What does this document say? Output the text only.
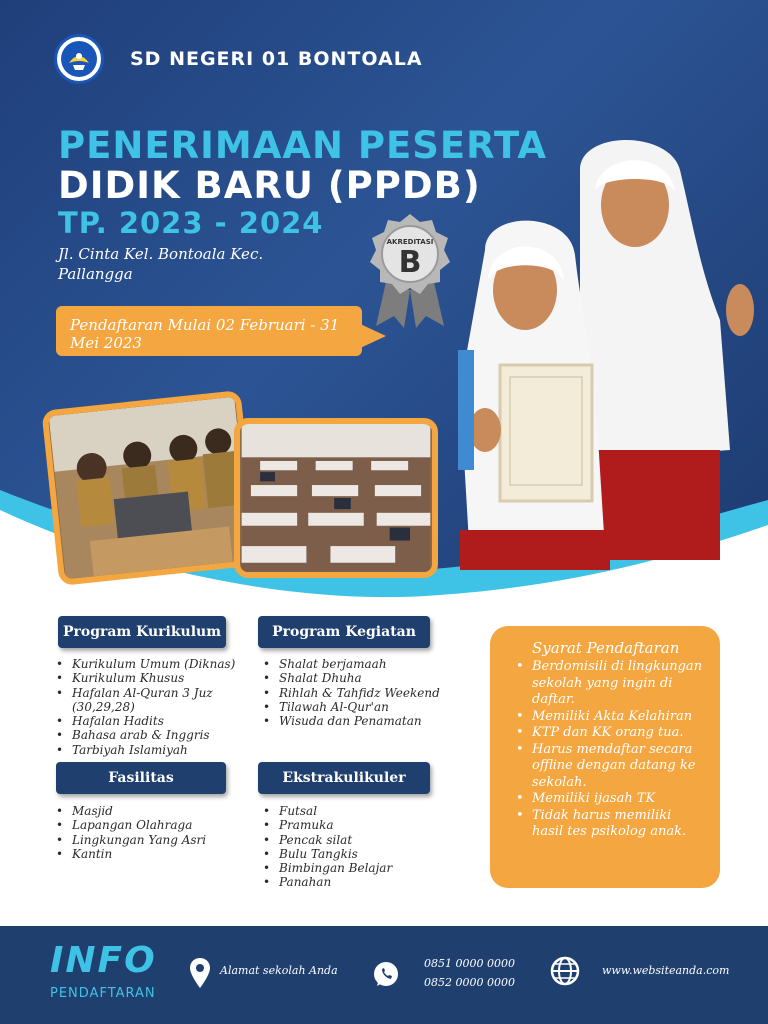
SD NEGERI 01 BONTOALA
PENERIMAAN PESERTA
DIDIK BARU (PPDB)
TP. 2023 - 2024
Jl. Cinta Kel. Bontoala Kec. Pallangga
AKREDITASI
B
Pendaftaran Mulai 02 Februari - 31 Mei 2023
Program Kurikulum
• Kurikulum Umum (Diknas)
• Kurikulum Khusus
• Hafalan Al-Quran 3 Juz (30,29,28)
• Hafalan Hadits
• Bahasa arab & Inggris
• Tarbiyah Islamiyah
Program Kegiatan
• Shalat berjamaah
• Shalat Dhuha
• Rihlah & Tahfidz Weekend
• Tilawah Al-Qur'an
• Wisuda dan Penamatan
Fasilitas
• Masjid
• Lapangan Olahraga
• Lingkungan Yang Asri
• Kantin
Ekstrakulikuler
• Futsal
• Pramuka
• Pencak silat
• Bulu Tangkis
• Bimbingan Belajar
• Panahan
Syarat Pendaftaran
• Berdomisili di lingkungan sekolah yang ingin di daftar.
• Memiliki Akta Kelahiran
• KTP dan KK orang tua.
• Harus mendaftar secara offline dengan datang ke sekolah.
• Memiliki ijasah TK
• Tidak harus memiliki hasil tes psikolog anak.
INFO
PENDAFTARAN
Alamat sekolah Anda
0851 0000 0000
0852 0000 0000
www.websiteanda.com
